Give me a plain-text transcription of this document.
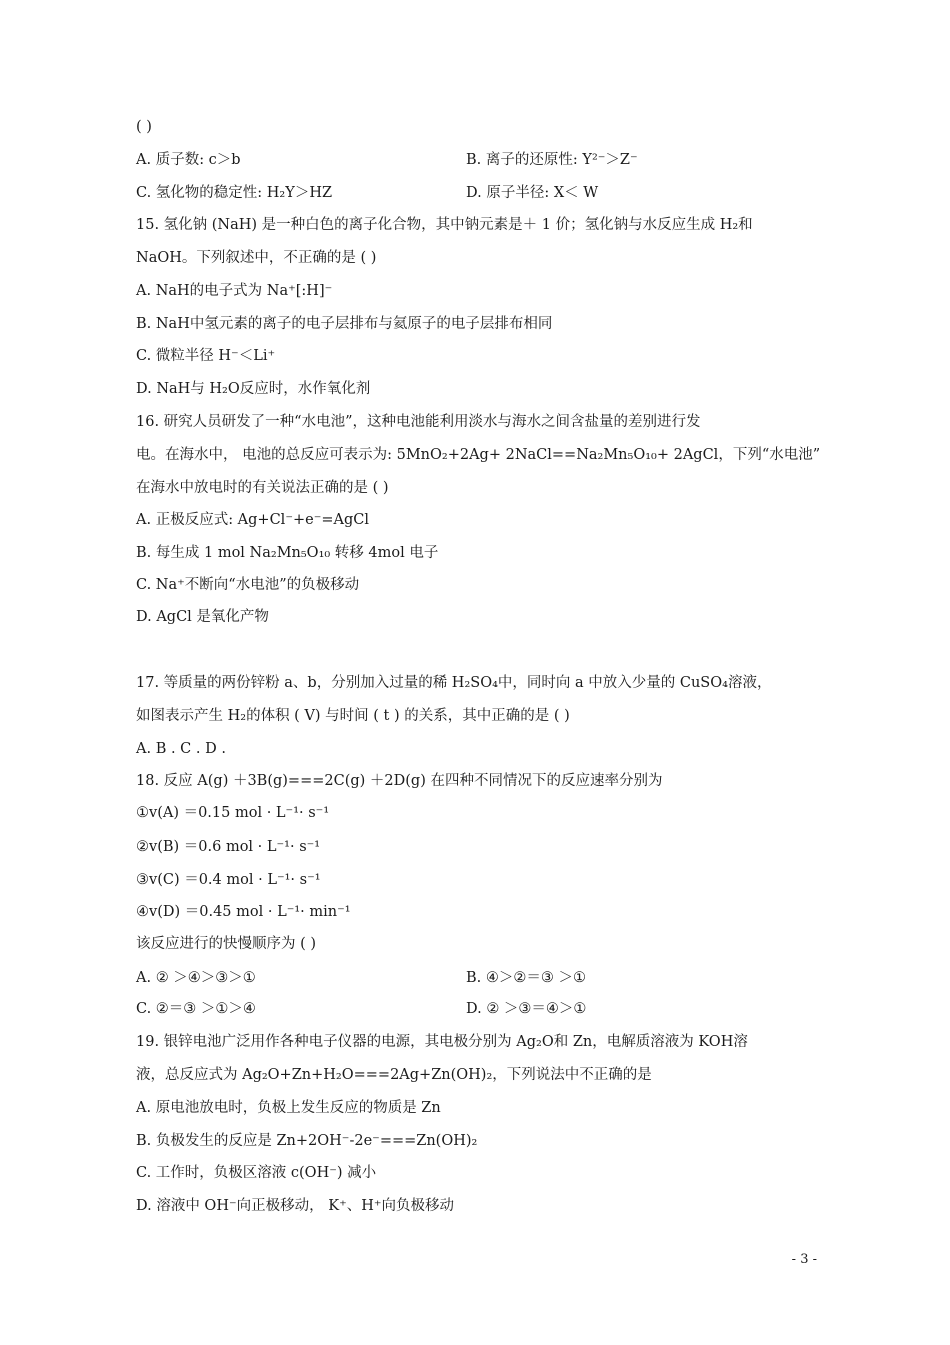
( )
A. 质子数: c＞b	B. 离子的还原性: Y²⁻＞Z⁻
C. 氢化物的稳定性: H₂Y＞HZ	D. 原子半径: X＜ W
15. 氢化钠 (NaH) 是一种白色的离子化合物，其中钠元素是＋ 1 价；氢化钠与水反应生成 H₂和
NaOH。下列叙述中，不正确的是 ( )
A. NaH的电子式为 Na⁺[:H]⁻
B. NaH中氢元素的离子的电子层排布与氦原子的电子层排布相同
C. 微粒半径 H⁻＜Li⁺
D. NaH与 H₂O反应时，水作氧化剂
16. 研究人员研发了一种“水电池”，这种电池能利用淡水与海水之间含盐量的差别进行发
电。在海水中， 电池的总反应可表示为: 5MnO₂+2Ag+ 2NaCl==Na₂Mn₅O₁₀+ 2AgCl，下列“水电池”
在海水中放电时的有关说法正确的是 ( )
A. 正极反应式: Ag+Cl⁻+e⁻=AgCl
B. 每生成 1 mol Na₂Mn₅O₁₀ 转移 4mol 电子
C. Na⁺不断向“水电池”的负极移动
D. AgCl 是氧化产物
17. 等质量的两份锌粉 a、b，分别加入过量的稀 H₂SO₄中，同时向 a 中放入少量的 CuSO₄溶液，
如图表示产生 H₂的体积 ( V) 与时间 ( t ) 的关系，其中正确的是 ( )
A. B . C . D .
18. 反应 A(g) ＋3B(g)===2C(g) ＋2D(g) 在四种不同情况下的反应速率分别为
①v(A) ＝0.15 mol · L⁻¹· s⁻¹
②v(B) ＝0.6 mol · L⁻¹· s⁻¹
③v(C) ＝0.4 mol · L⁻¹· s⁻¹
④v(D) ＝0.45 mol · L⁻¹· min⁻¹
该反应进行的快慢顺序为 ( )
A. ② ＞④＞③＞①	B. ④＞②＝③ ＞①
C. ②＝③ ＞①＞④	D. ② ＞③＝④＞①
19. 银锌电池广泛用作各种电子仪器的电源，其电极分别为 Ag₂O和 Zn，电解质溶液为 KOH溶
液，总反应式为 Ag₂O+Zn+H₂O===2Ag+Zn(OH)₂，下列说法中不正确的是
A. 原电池放电时，负极上发生反应的物质是 Zn
B. 负极发生的反应是 Zn+2OH⁻-2e⁻===Zn(OH)₂
C. 工作时，负极区溶液 c(OH⁻) 减小
D. 溶液中 OH⁻向正极移动， K⁺、H⁺向负极移动
- 3 -
